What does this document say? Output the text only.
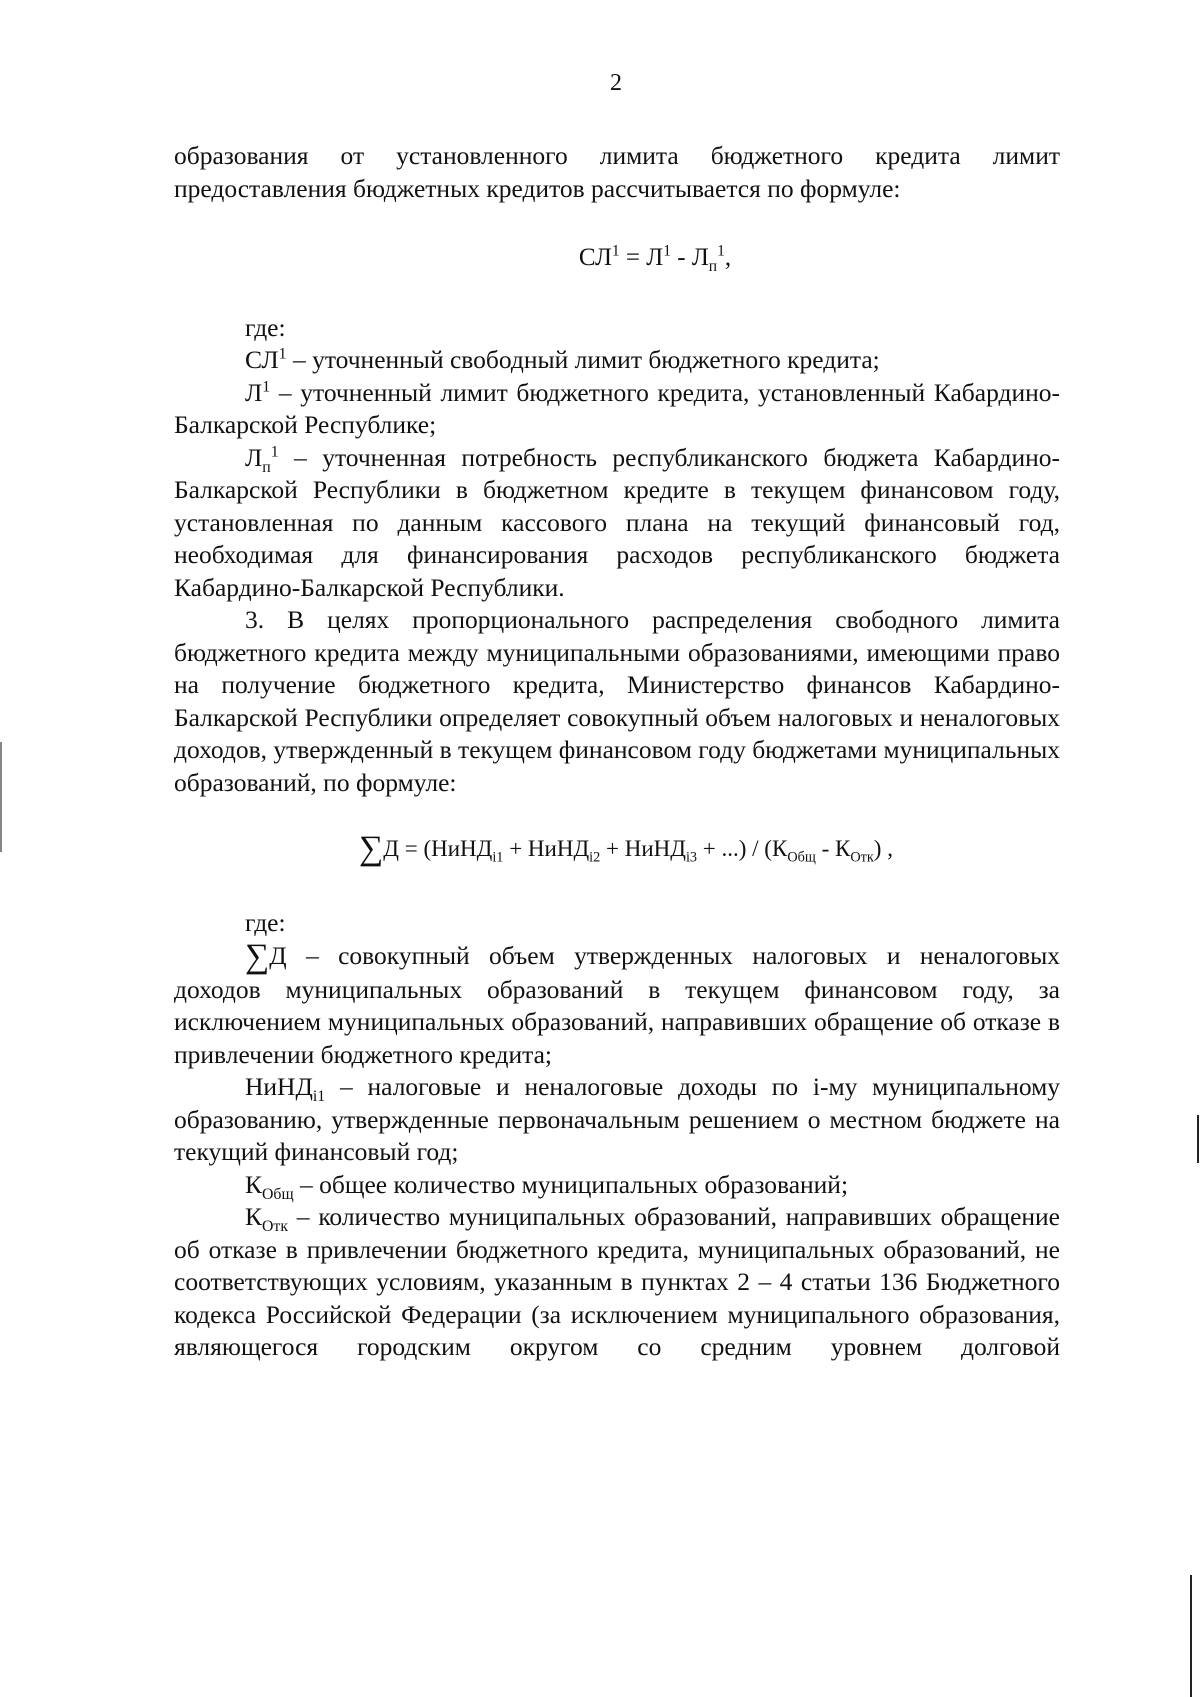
2

образования от установленного лимита бюджетного кредита лимит предоставления бюджетных кредитов рассчитывается по формуле:

$СЛ^1 = Л^1 - Л_п^1$,

где:

$СЛ^1$ – уточненный свободный лимит бюджетного кредита;

$Л^1$ – уточненный лимит бюджетного кредита, установленный Кабардино-Балкарской Республике;

$Л_п^1$ – уточненная потребность республиканского бюджета Кабардино-Балкарской Республики в бюджетном кредите в текущем финансовом году, установленная по данным кассового плана на текущий финансовый год, необходимая для финансирования расходов республиканского бюджета Кабардино-Балкарской Республики.

3. В целях пропорционального распределения свободного лимита бюджетного кредита между муниципальными образованиями, имеющими право на получение бюджетного кредита, Министерство финансов Кабардино-Балкарской Республики определяет совокупный объем налоговых и неналоговых доходов, утвержденный в текущем финансовом году бюджетами муниципальных образований, по формуле:

∑Д = (НиНД$_{i1}$ + НиНД$_{i2}$ + НиНД$_{i3}$ + ...) / $(К_{Общ} - К_{Отк})$ ,

где:

∑Д – совокупный объем утвержденных налоговых и неналоговых доходов муниципальных образований в текущем финансовом году, за исключением муниципальных образований, направивших обращение об отказе в привлечении бюджетного кредита;

НиНД$_{i1}$ – налоговые и неналоговые доходы по i-му муниципальному образованию, утвержденные первоначальным решением о местном бюджете на текущий финансовый год;

$К_{Общ}$ – общее количество муниципальных образований;

$К_{Отк}$ – количество муниципальных образований, направивших обращение об отказе в привлечении бюджетного кредита, муниципальных образований, не соответствующих условиям, указанным в пунктах 2 – 4 статьи 136 Бюджетного кодекса Российской Федерации (за исключением муниципального образования, являющегося городским округом со средним уровнем долговой
